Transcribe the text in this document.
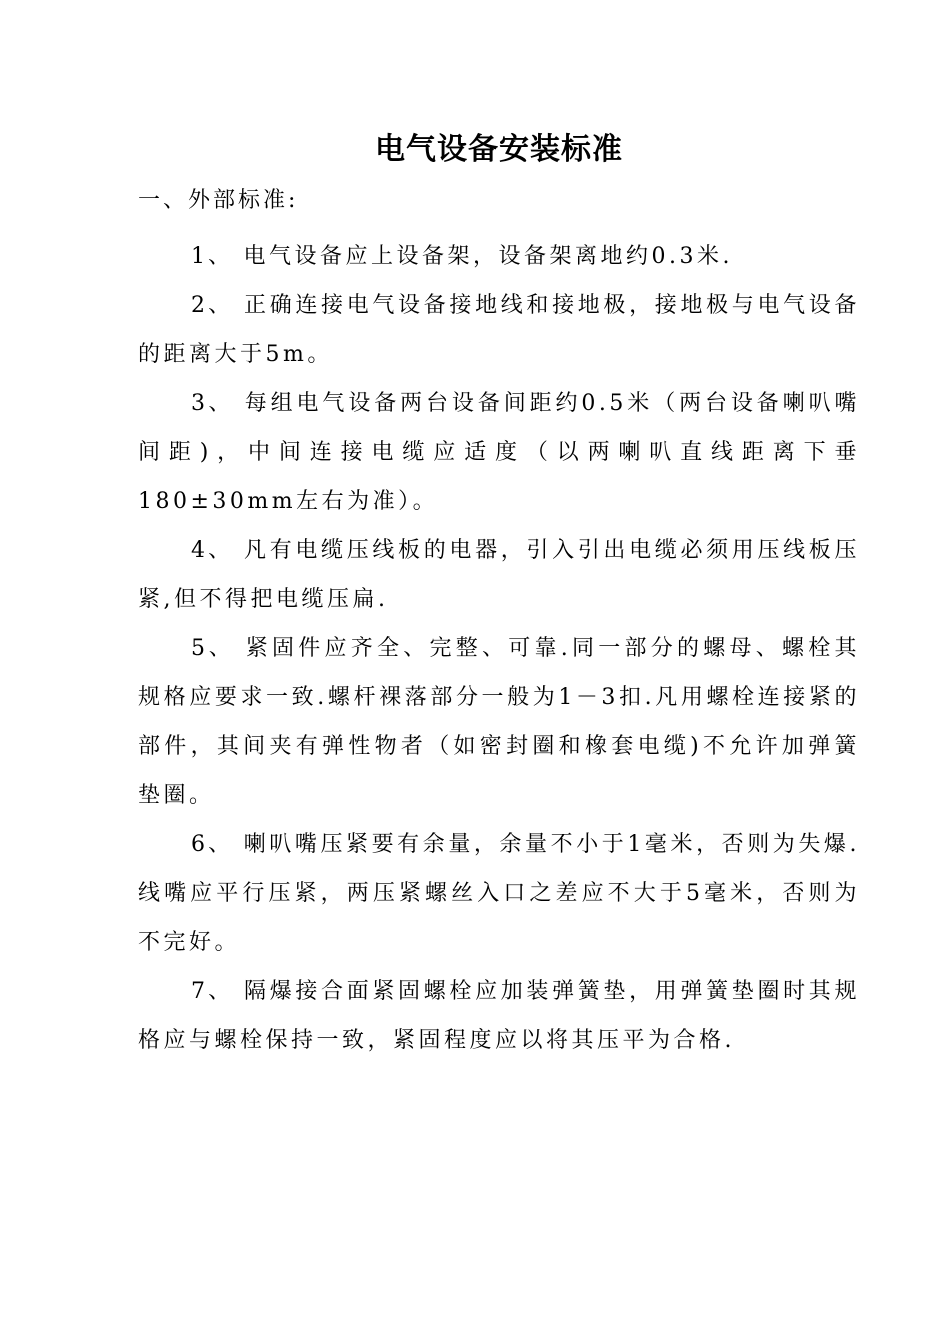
电气设备安装标准
一、外部标准:

1、 电气设备应上设备架，设备架离地约0.3米.

2、 正确连接电气设备接地线和接地极，接地极与电气设备的距离大于5m。

3、 每组电气设备两台设备间距约0.5米（两台设备喇叭嘴间距)，中间连接电缆应适度（以两喇叭直线距离下垂180±30mm左右为准）。

4、 凡有电缆压线板的电器，引入引出电缆必须用压线板压紧,但不得把电缆压扁.

5、 紧固件应齐全、完整、可靠.同一部分的螺母、螺栓其规格应要求一致.螺杆裸落部分一般为1－3扣.凡用螺栓连接紧的部件，其间夹有弹性物者（如密封圈和橡套电缆)不允许加弹簧垫圈。

6、 喇叭嘴压紧要有余量，余量不小于1毫米，否则为失爆.线嘴应平行压紧，两压紧螺丝入口之差应不大于5毫米，否则为不完好。

7、 隔爆接合面紧固螺栓应加装弹簧垫，用弹簧垫圈时其规格应与螺栓保持一致，紧固程度应以将其压平为合格.
